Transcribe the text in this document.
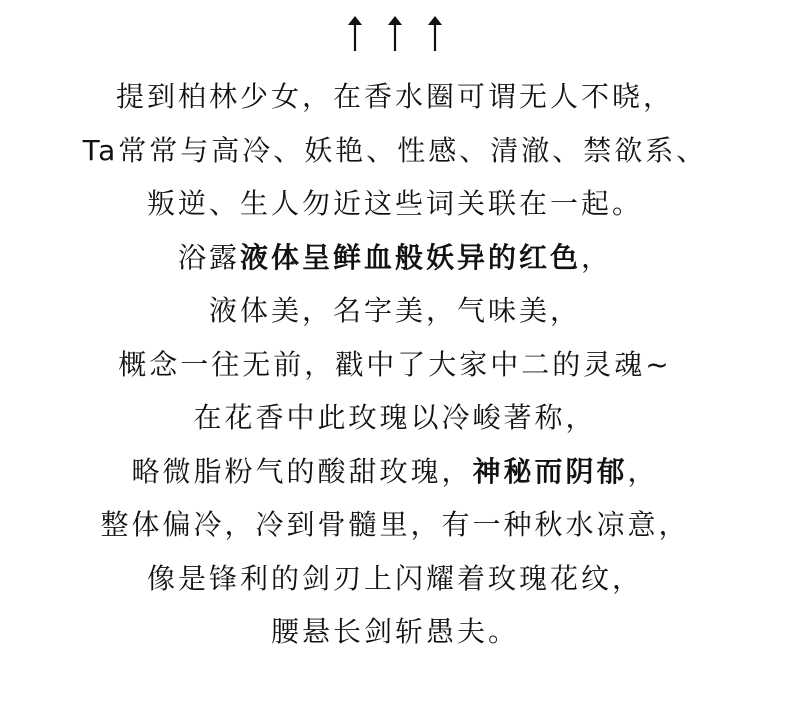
提到柏林少女，在香水圈可谓无人不晓，
Ta常常与高冷、妖艳、性感、清澈、禁欲系、
叛逆、生人勿近这些词关联在一起。
浴露液体呈鲜血般妖异的红色，
液体美，名字美，气味美，
概念一往无前，戳中了大家中二的灵魂~
在花香中此玫瑰以冷峻著称，
略微脂粉气的酸甜玫瑰，神秘而阴郁，
整体偏冷，冷到骨髓里，有一种秋水凉意，
像是锋利的剑刃上闪耀着玫瑰花纹，
腰悬长剑斩愚夫。
